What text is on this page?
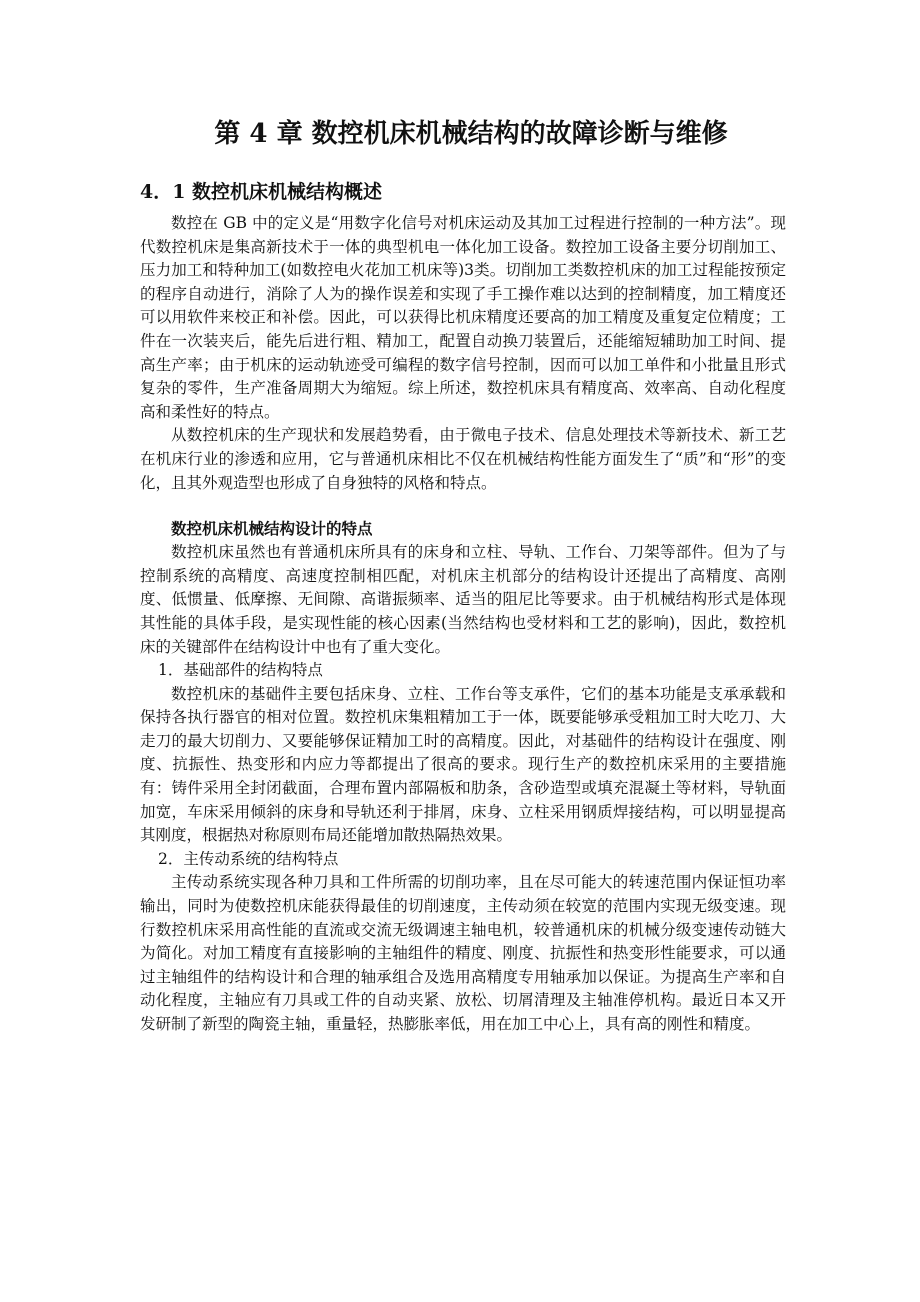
第 4 章 数控机床机械结构的故障诊断与维修
4．1 数控机床机械结构概述

数控在 GB 中的定义是“用数字化信号对机床运动及其加工过程进行控制的一种方法”。现代数控机床是集高新技术于一体的典型机电一体化加工设备。数控加工设备主要分切削加工、压力加工和特种加工(如数控电火花加工机床等)3类。切削加工类数控机床的加工过程能按预定的程序自动进行，消除了人为的操作误差和实现了手工操作难以达到的控制精度，加工精度还可以用软件来校正和补偿。因此，可以获得比机床精度还要高的加工精度及重复定位精度；工件在一次装夹后，能先后进行粗、精加工，配置自动换刀装置后，还能缩短辅助加工时间、提高生产率；由于机床的运动轨迹受可编程的数字信号控制，因而可以加工单件和小批量且形式复杂的零件，生产准备周期大为缩短。综上所述，数控机床具有精度高、效率高、自动化程度高和柔性好的特点。

从数控机床的生产现状和发展趋势看，由于微电子技术、信息处理技术等新技术、新工艺在机床行业的渗透和应用，它与普通机床相比不仅在机械结构性能方面发生了“质”和“形”的变化，且其外观造型也形成了自身独特的风格和特点。

数控机床机械结构设计的特点

数控机床虽然也有普通机床所具有的床身和立柱、导轨、工作台、刀架等部件。但为了与控制系统的高精度、高速度控制相匹配，对机床主机部分的结构设计还提出了高精度、高刚度、低惯量、低摩擦、无间隙、高谐振频率、适当的阻尼比等要求。由于机械结构形式是体现其性能的具体手段，是实现性能的核心因素(当然结构也受材料和工艺的影响)，因此，数控机床的关键部件在结构设计中也有了重大变化。

1．基础部件的结构特点

数控机床的基础件主要包括床身、立柱、工作台等支承件，它们的基本功能是支承承载和保持各执行器官的相对位置。数控机床集粗精加工于一体，既要能够承受粗加工时大吃刀、大走刀的最大切削力、又要能够保证精加工时的高精度。因此，对基础件的结构设计在强度、刚度、抗振性、热变形和内应力等都提出了很高的要求。现行生产的数控机床采用的主要措施有：铸件采用全封闭截面，合理布置内部隔板和肋条，含砂造型或填充混凝土等材料，导轨面加宽，车床采用倾斜的床身和导轨还利于排屑，床身、立柱采用钢质焊接结构，可以明显提高其刚度，根据热对称原则布局还能增加散热隔热效果。

2．主传动系统的结构特点

主传动系统实现各种刀具和工件所需的切削功率，且在尽可能大的转速范围内保证恒功率输出，同时为使数控机床能获得最佳的切削速度，主传动须在较宽的范围内实现无级变速。现行数控机床采用高性能的直流或交流无级调速主轴电机，较普通机床的机械分级变速传动链大为简化。对加工精度有直接影响的主轴组件的精度、刚度、抗振性和热变形性能要求，可以通过主轴组件的结构设计和合理的轴承组合及选用高精度专用轴承加以保证。为提高生产率和自动化程度，主轴应有刀具或工件的自动夹紧、放松、切屑清理及主轴准停机构。最近日本又开发研制了新型的陶瓷主轴，重量轻，热膨胀率低，用在加工中心上，具有高的刚性和精度。
